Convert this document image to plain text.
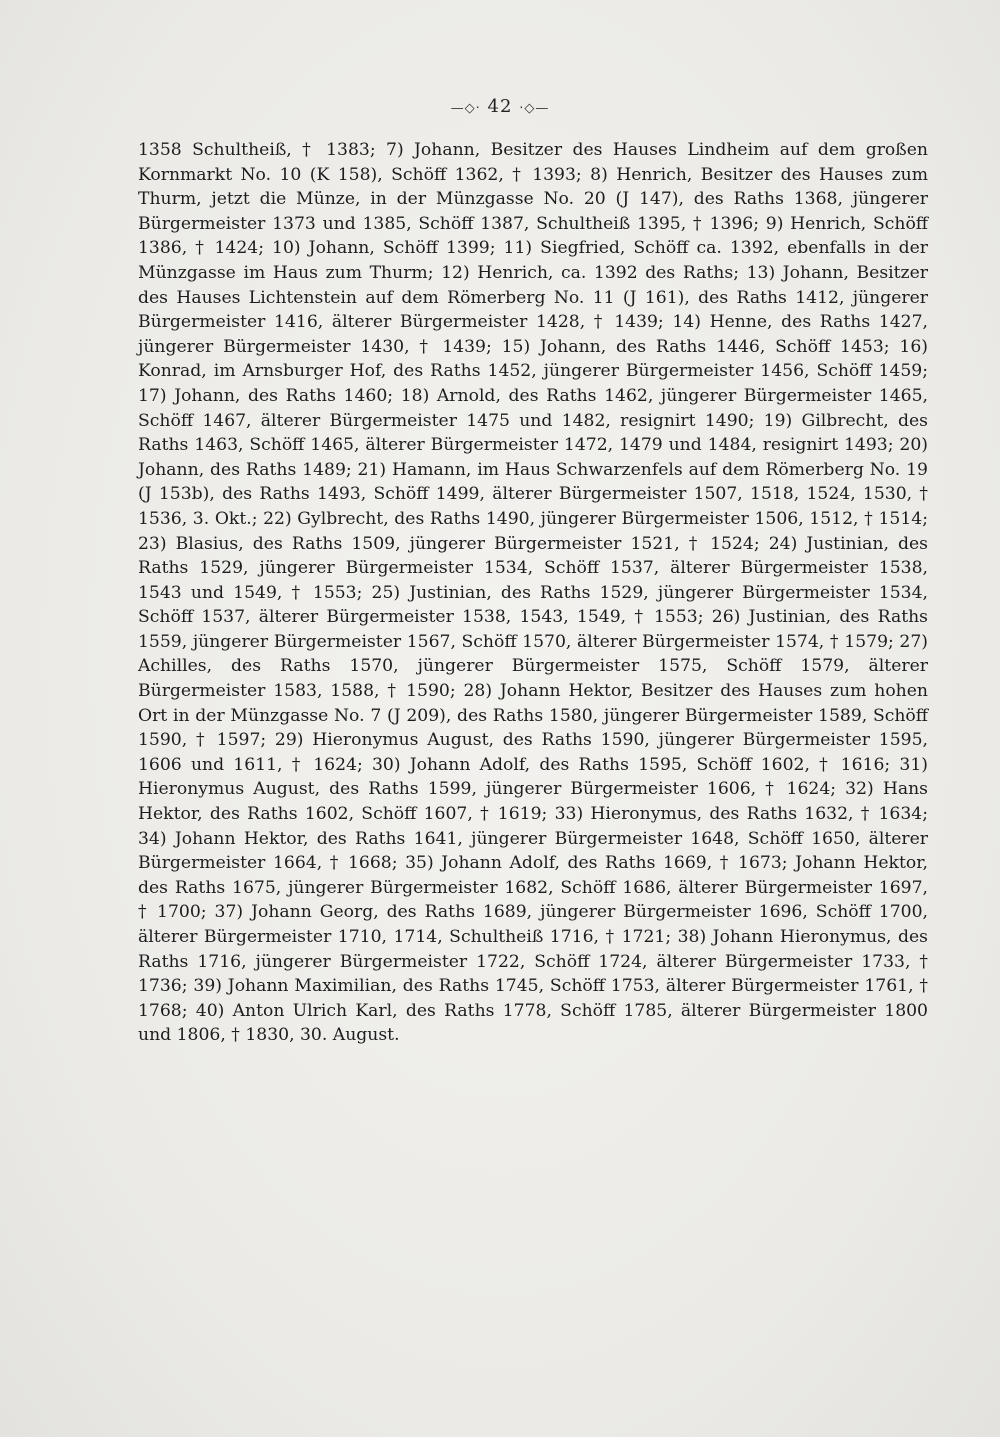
—◇‧ 42 ‧◇—

1358 Schultheiß, † 1383; 7) Johann, Besitzer des Hauses Lindheim auf dem großen Kornmarkt No. 10 (K 158), Schöff 1362, † 1393; 8) Henrich, Besitzer des Hauses zum Thurm, jetzt die Münze, in der Münzgasse No. 20 (J 147), des Raths 1368, jüngerer Bürgermeister 1373 und 1385, Schöff 1387, Schultheiß 1395, † 1396; 9) Henrich, Schöff 1386, † 1424; 10) Johann, Schöff 1399; 11) Siegfried, Schöff ca. 1392, ebenfalls in der Münzgasse im Haus zum Thurm; 12) Henrich, ca. 1392 des Raths; 13) Johann, Besitzer des Hauses Lichtenstein auf dem Römerberg No. 11 (J 161), des Raths 1412, jüngerer Bürgermeister 1416, älterer Bürgermeister 1428, † 1439; 14) Henne, des Raths 1427, jüngerer Bürgermeister 1430, † 1439; 15) Johann, des Raths 1446, Schöff 1453; 16) Konrad, im Arnsburger Hof, des Raths 1452, jüngerer Bürgermeister 1456, Schöff 1459; 17) Johann, des Raths 1460; 18) Arnold, des Raths 1462, jüngerer Bürgermeister 1465, Schöff 1467, älterer Bürgermeister 1475 und 1482, resignirt 1490; 19) Gilbrecht, des Raths 1463, Schöff 1465, älterer Bürgermeister 1472, 1479 und 1484, resignirt 1493; 20) Johann, des Raths 1489; 21) Hamann, im Haus Schwarzenfels auf dem Römerberg No. 19 (J 153b), des Raths 1493, Schöff 1499, älterer Bürgermeister 1507, 1518, 1524, 1530, † 1536, 3. Okt.; 22) Gylbrecht, des Raths 1490, jüngerer Bürgermeister 1506, 1512, † 1514; 23) Blasius, des Raths 1509, jüngerer Bürgermeister 1521, † 1524; 24) Justinian, des Raths 1529, jüngerer Bürgermeister 1534, Schöff 1537, älterer Bürgermeister 1538, 1543 und 1549, † 1553; 25) Justinian, des Raths 1529, jüngerer Bürgermeister 1534, Schöff 1537, älterer Bürgermeister 1538, 1543, 1549, † 1553; 26) Justinian, des Raths 1559, jüngerer Bürgermeister 1567, Schöff 1570, älterer Bürgermeister 1574, † 1579; 27) Achilles, des Raths 1570, jüngerer Bürgermeister 1575, Schöff 1579, älterer Bürgermeister 1583, 1588, † 1590; 28) Johann Hektor, Besitzer des Hauses zum hohen Ort in der Münzgasse No. 7 (J 209), des Raths 1580, jüngerer Bürgermeister 1589, Schöff 1590, † 1597; 29) Hieronymus August, des Raths 1590, jüngerer Bürgermeister 1595, 1606 und 1611, † 1624; 30) Johann Adolf, des Raths 1595, Schöff 1602, † 1616; 31) Hieronymus August, des Raths 1599, jüngerer Bürgermeister 1606, † 1624; 32) Hans Hektor, des Raths 1602, Schöff 1607, † 1619; 33) Hieronymus, des Raths 1632, † 1634; 34) Johann Hektor, des Raths 1641, jüngerer Bürgermeister 1648, Schöff 1650, älterer Bürgermeister 1664, † 1668; 35) Johann Adolf, des Raths 1669, † 1673; Johann Hektor, des Raths 1675, jüngerer Bürgermeister 1682, Schöff 1686, älterer Bürgermeister 1697, † 1700; 37) Johann Georg, des Raths 1689, jüngerer Bürgermeister 1696, Schöff 1700, älterer Bürgermeister 1710, 1714, Schultheiß 1716, † 1721; 38) Johann Hieronymus, des Raths 1716, jüngerer Bürgermeister 1722, Schöff 1724, älterer Bürgermeister 1733, † 1736; 39) Johann Maximilian, des Raths 1745, Schöff 1753, älterer Bürgermeister 1761, † 1768; 40) Anton Ulrich Karl, des Raths 1778, Schöff 1785, älterer Bürgermeister 1800 und 1806, † 1830, 30. August.
